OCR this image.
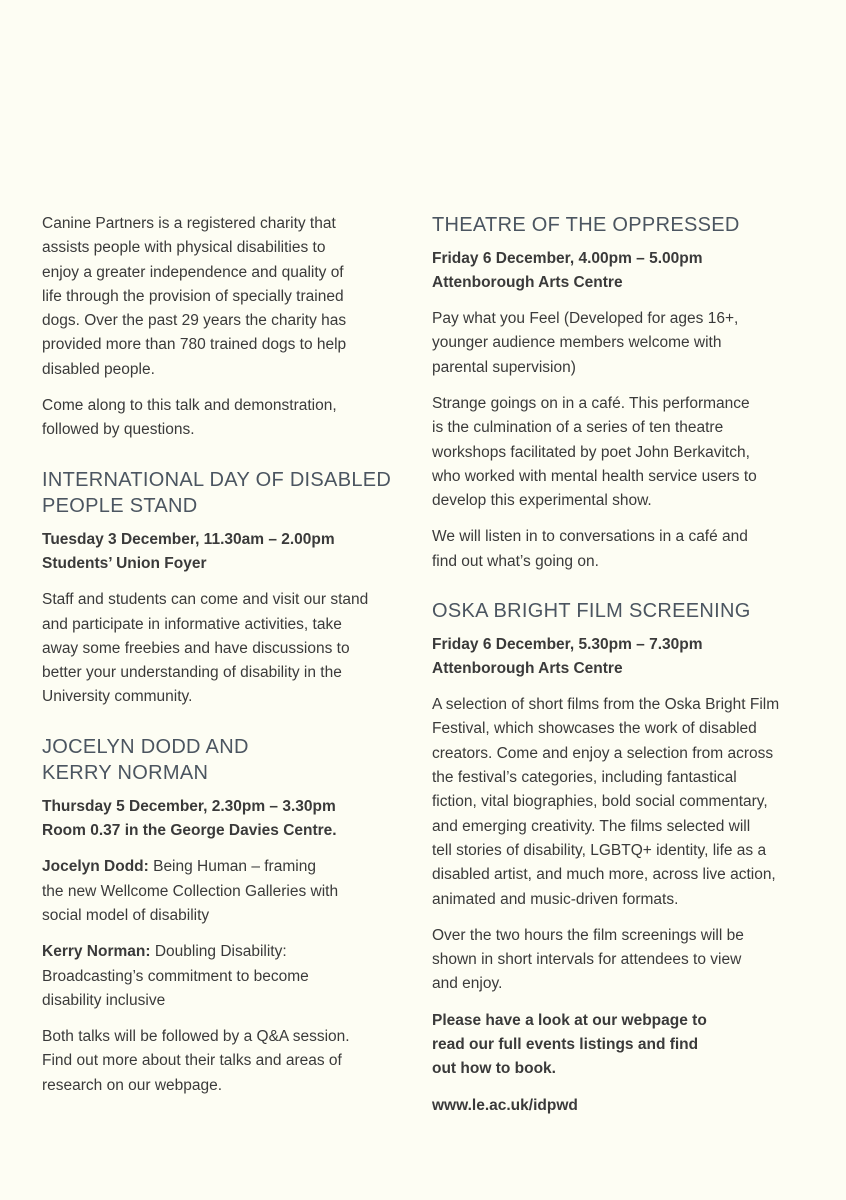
Canine Partners is a registered charity that
assists people with physical disabilities to
enjoy a greater independence and quality of
life through the provision of specially trained
dogs. Over the past 29 years the charity has
provided more than 780 trained dogs to help
disabled people.

Come along to this talk and demonstration,
followed by questions.

INTERNATIONAL DAY OF DISABLED
PEOPLE STAND

Tuesday 3 December, 11.30am – 2.00pm
Students’ Union Foyer

Staff and students can come and visit our stand
and participate in informative activities, take
away some freebies and have discussions to
better your understanding of disability in the
University community.

JOCELYN DODD AND
KERRY NORMAN

Thursday 5 December, 2.30pm – 3.30pm
Room 0.37 in the George Davies Centre.

Jocelyn Dodd: Being Human – framing
the new Wellcome Collection Galleries with
social model of disability

Kerry Norman: Doubling Disability:
Broadcasting’s commitment to become
disability inclusive

Both talks will be followed by a Q&A session.
Find out more about their talks and areas of
research on our webpage.

THEATRE OF THE OPPRESSED

Friday 6 December, 4.00pm – 5.00pm
Attenborough Arts Centre

Pay what you Feel (Developed for ages 16+,
younger audience members welcome with
parental supervision)

Strange goings on in a café. This performance
is the culmination of a series of ten theatre
workshops facilitated by poet John Berkavitch,
who worked with mental health service users to
develop this experimental show.

We will listen in to conversations in a café and
find out what’s going on.

OSKA BRIGHT FILM SCREENING

Friday 6 December, 5.30pm – 7.30pm
Attenborough Arts Centre

A selection of short films from the Oska Bright Film
Festival, which showcases the work of disabled
creators. Come and enjoy a selection from across
the festival’s categories, including fantastical
fiction, vital biographies, bold social commentary,
and emerging creativity. The films selected will
tell stories of disability, LGBTQ+ identity, life as a
disabled artist, and much more, across live action,
animated and music-driven formats.

Over the two hours the film screenings will be
shown in short intervals for attendees to view
and enjoy.

Please have a look at our webpage to
read our full events listings and find
out how to book.

www.le.ac.uk/idpwd
